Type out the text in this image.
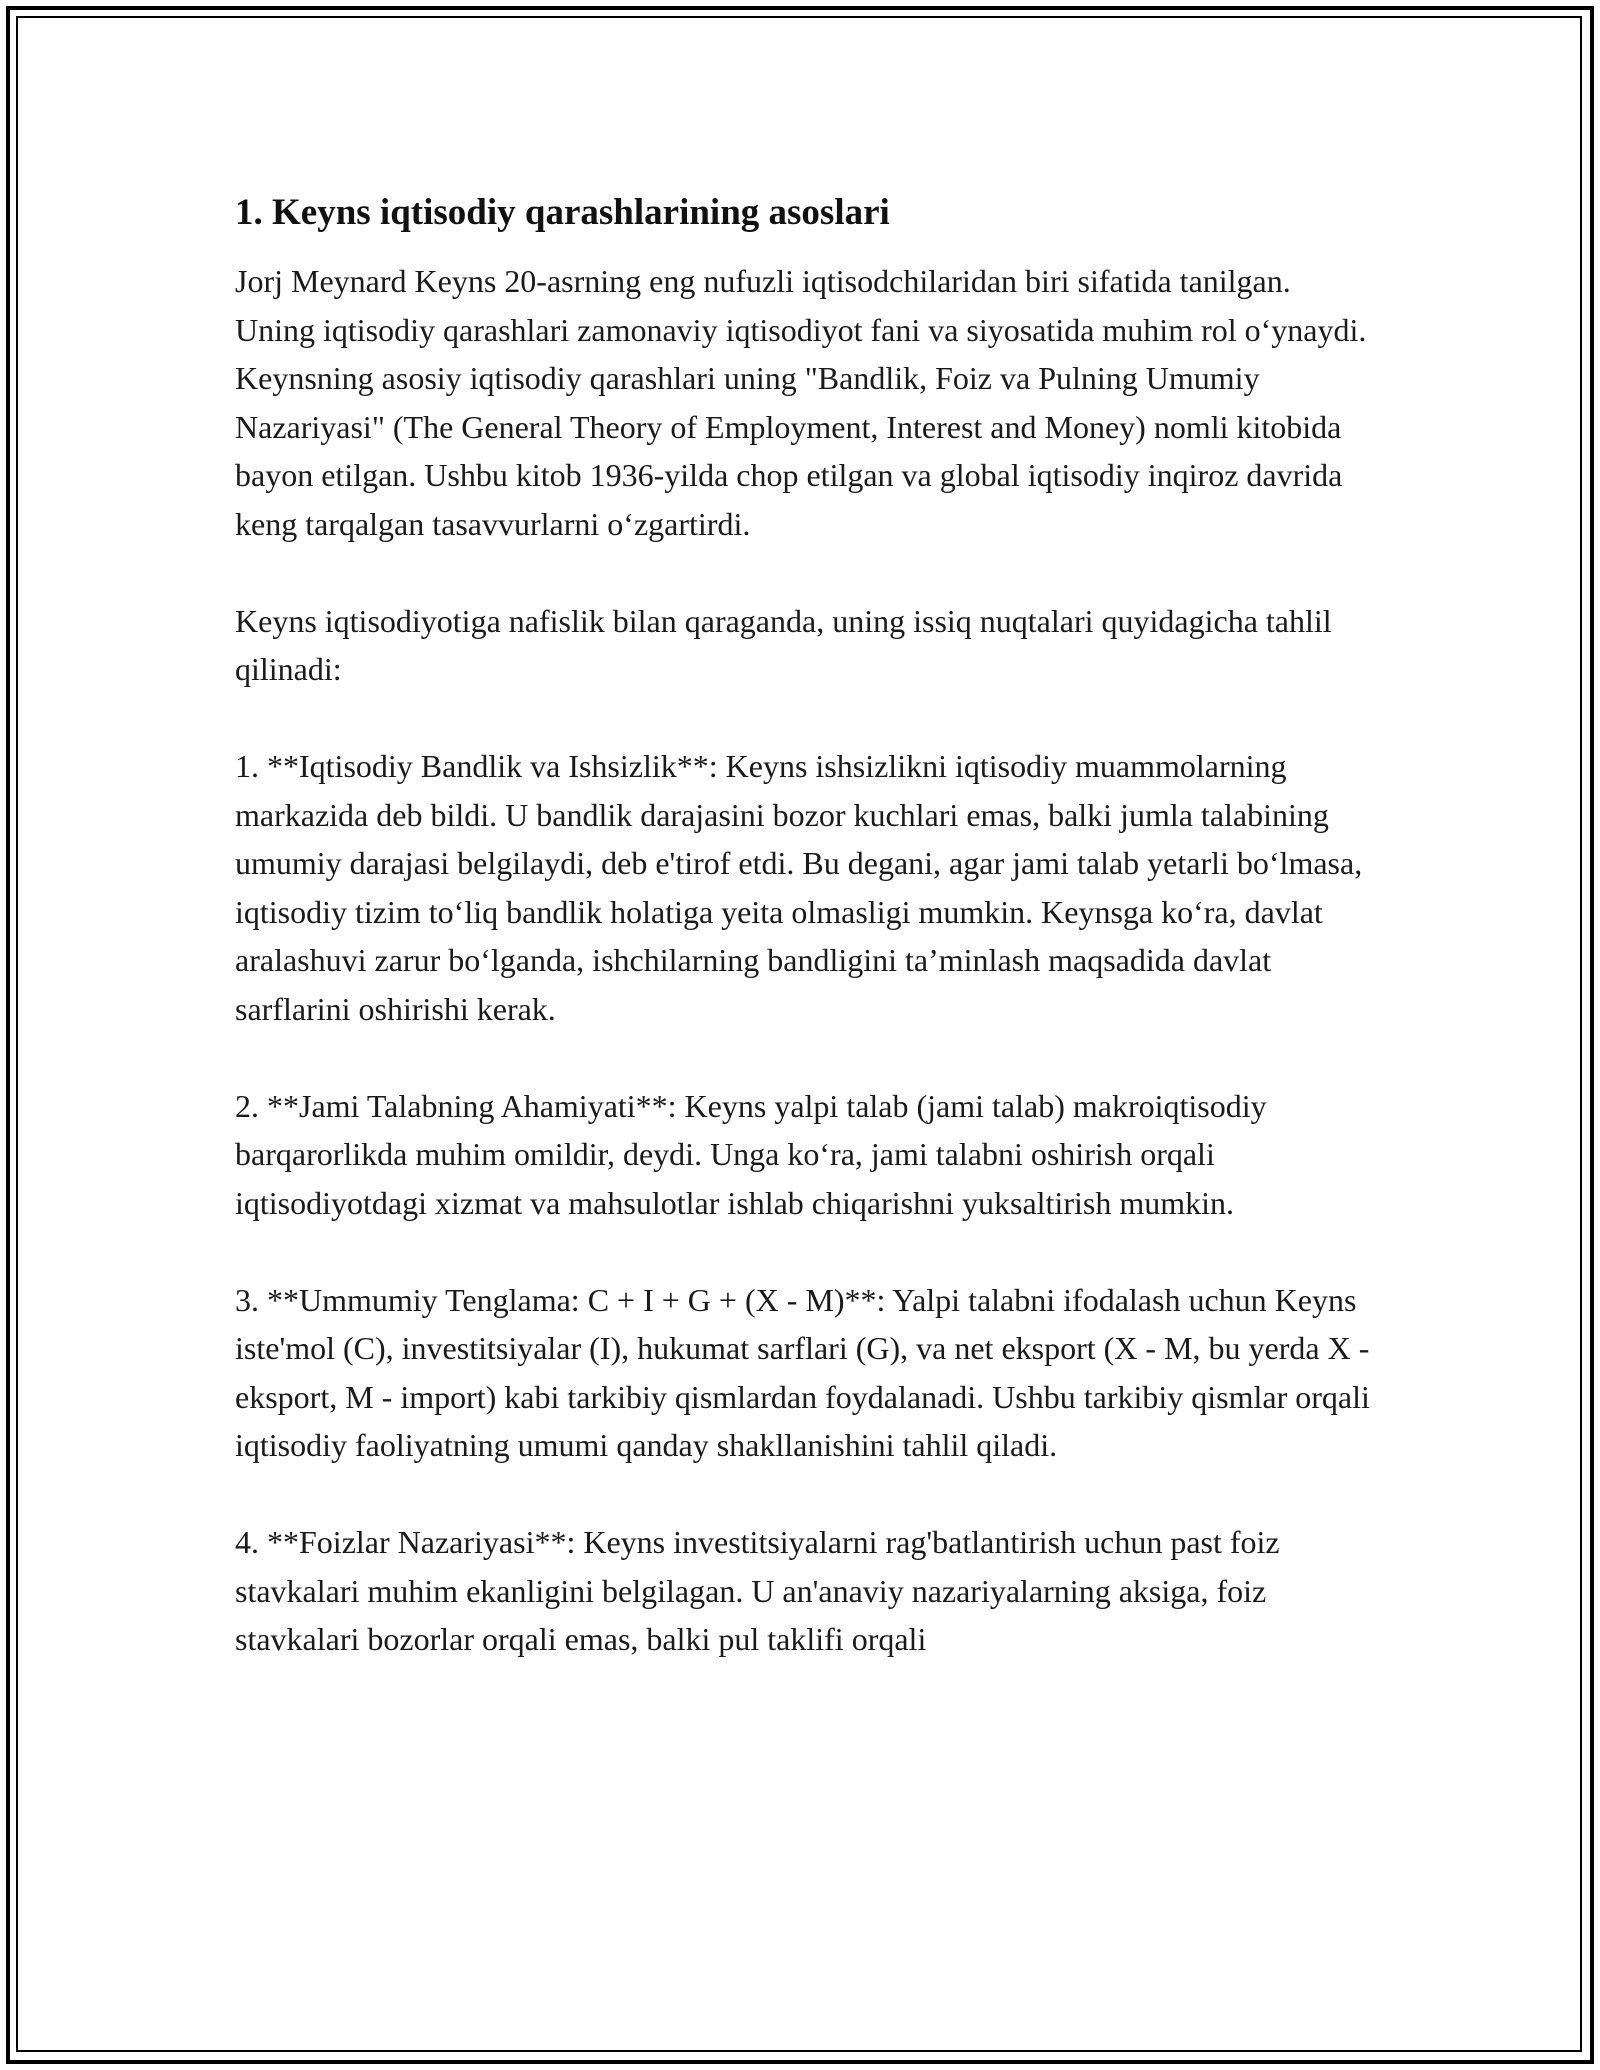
1. Keyns iqtisodiy qarashlarining asoslari

Jorj Meynard Keyns 20-asrning eng nufuzli iqtisodchilaridan biri sifatida tanilgan. Uning iqtisodiy qarashlari zamonaviy iqtisodiyot fani va siyosatida muhim rol o‘ynaydi. Keynsning asosiy iqtisodiy qarashlari uning "Bandlik, Foiz va Pulning Umumiy Nazariyasi" (The General Theory of Employment, Interest and Money) nomli kitobida bayon etilgan. Ushbu kitob 1936-yilda chop etilgan va global iqtisodiy inqiroz davrida keng tarqalgan tasavvurlarni o‘zgartirdi.

Keyns iqtisodiyotiga nafislik bilan qaraganda, uning issiq nuqtalari quyidagicha tahlil qilinadi:

1. **Iqtisodiy Bandlik va Ishsizlik**: Keyns ishsizlikni iqtisodiy muammolarning markazida deb bildi. U bandlik darajasini bozor kuchlari emas, balki jumla talabining umumiy darajasi belgilaydi, deb e'tirof etdi. Bu degani, agar jami talab yetarli bo‘lmasa, iqtisodiy tizim to‘liq bandlik holatiga yeita olmasligi mumkin. Keynsga ko‘ra, davlat aralashuvi zarur bo‘lganda, ishchilarning bandligini ta’minlash maqsadida davlat sarflarini oshirishi kerak.

2. **Jami Talabning Ahamiyati**: Keyns yalpi talab (jami talab) makroiqtisodiy barqarorlikda muhim omildir, deydi. Unga ko‘ra, jami talabni oshirish orqali iqtisodiyotdagi xizmat va mahsulotlar ishlab chiqarishni yuksaltirish mumkin.

3. **Ummumiy Tenglama: C + I + G + (X - M)**: Yalpi talabni ifodalash uchun Keyns iste'mol (C), investitsiyalar (I), hukumat sarflari (G), va net eksport (X - M, bu yerda X - eksport, M - import) kabi tarkibiy qismlardan foydalanadi. Ushbu tarkibiy qismlar orqali iqtisodiy faoliyatning umumi qanday shakllanishini tahlil qiladi.

4. **Foizlar Nazariyasi**: Keyns investitsiyalarni rag'batlantirish uchun past foiz stavkalari muhim ekanligini belgilagan. U an'anaviy nazariyalarning aksiga, foiz stavkalari bozorlar orqali emas, balki pul taklifi orqali
